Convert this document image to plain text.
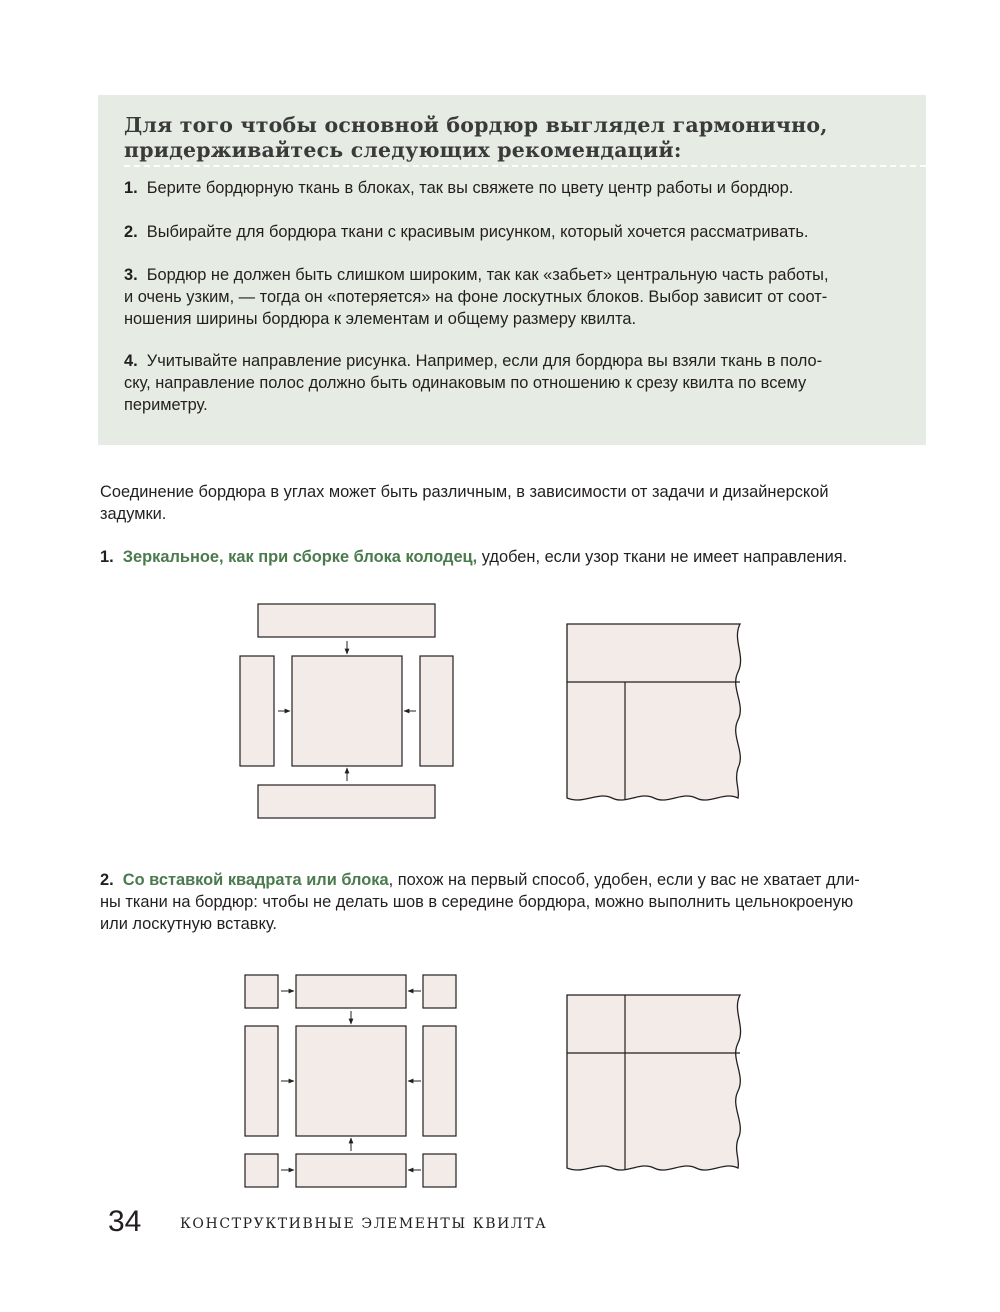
Для того чтобы основной бордюр выглядел гармонично,
придерживайтесь следующих рекомендаций:
1. Берите бордюрную ткань в блоках, так вы свяжете по цвету центр работы и бордюр.
2. Выбирайте для бордюра ткани с красивым рисунком, который хочется рассматривать.
3. Бордюр не должен быть слишком широким, так как «забьет» центральную часть работы,
и очень узким, — тогда он «потеряется» на фоне лоскутных блоков. Выбор зависит от соот-
ношения ширины бордюра к элементам и общему размеру квилта.
4. Учитывайте направление рисунка. Например, если для бордюра вы взяли ткань в поло-
ску, направление полос должно быть одинаковым по отношению к срезу квилта по всему
периметру.
Соединение бордюра в углах может быть различным, в зависимости от задачи и дизайнерской
задумки.
1. Зеркальное, как при сборке блока колодец, удобен, если узор ткани не имеет направления.
2. Со вставкой квадрата или блока, похож на первый способ, удобен, если у вас не хватает дли-
ны ткани на бордюр: чтобы не делать шов в середине бордюра, можно выполнить цельнокроеную
или лоскутную вставку.
34	КОНСТРУКТИВНЫЕ ЭЛЕМЕНТЫ КВИЛТА
